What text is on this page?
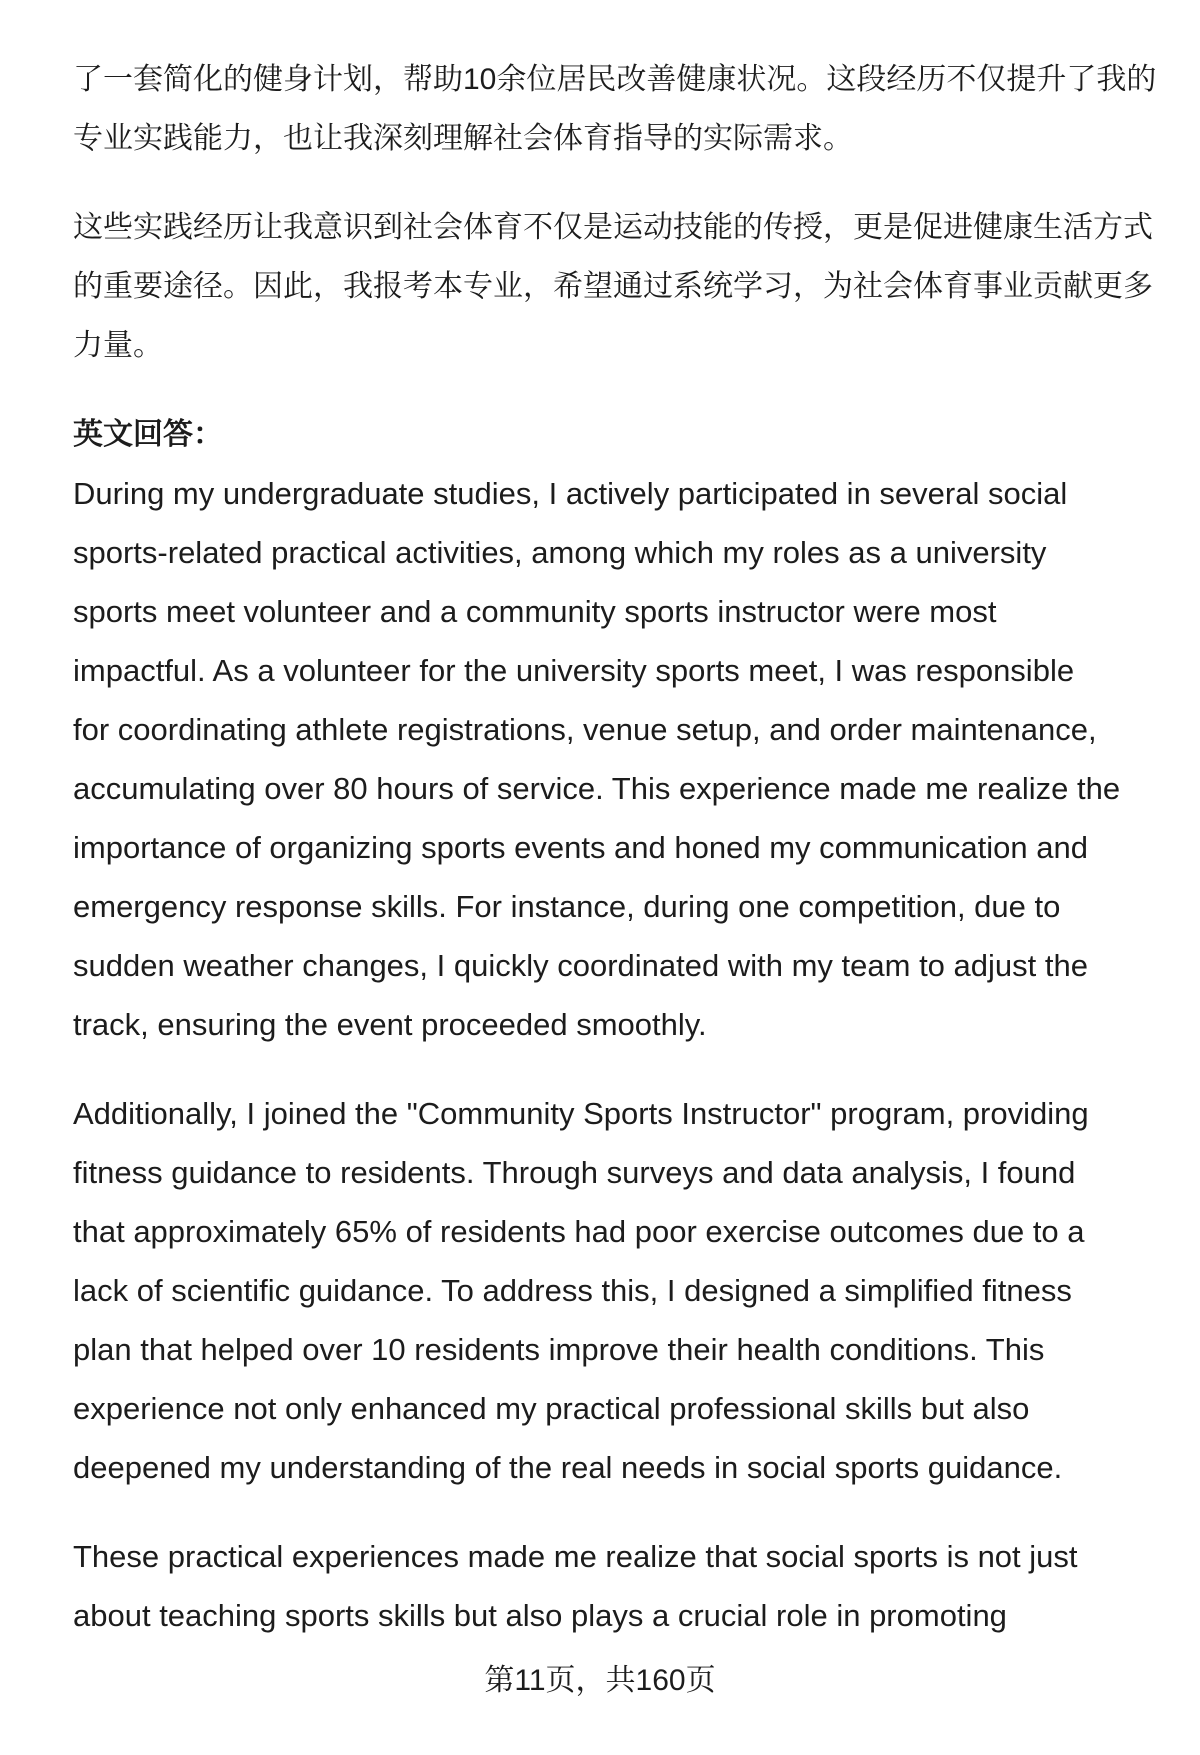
了一套简化的健身计划，帮助10余位居民改善健康状况。这段经历不仅提升了我的
专业实践能力，也让我深刻理解社会体育指导的实际需求。
这些实践经历让我意识到社会体育不仅是运动技能的传授，更是促进健康生活方式
的重要途径。因此，我报考本专业，希望通过系统学习，为社会体育事业贡献更多
力量。
英文回答：
During my undergraduate studies, I actively participated in several social
sports-related practical activities, among which my roles as a university
sports meet volunteer and a community sports instructor were most
impactful. As a volunteer for the university sports meet, I was responsible
for coordinating athlete registrations, venue setup, and order maintenance,
accumulating over 80 hours of service. This experience made me realize the
importance of organizing sports events and honed my communication and
emergency response skills. For instance, during one competition, due to
sudden weather changes, I quickly coordinated with my team to adjust the
track, ensuring the event proceeded smoothly.
Additionally, I joined the "Community Sports Instructor" program, providing
fitness guidance to residents. Through surveys and data analysis, I found
that approximately 65% of residents had poor exercise outcomes due to a
lack of scientific guidance. To address this, I designed a simplified fitness
plan that helped over 10 residents improve their health conditions. This
experience not only enhanced my practical professional skills but also
deepened my understanding of the real needs in social sports guidance.
These practical experiences made me realize that social sports is not just
about teaching sports skills but also plays a crucial role in promoting
第11页，共160页
